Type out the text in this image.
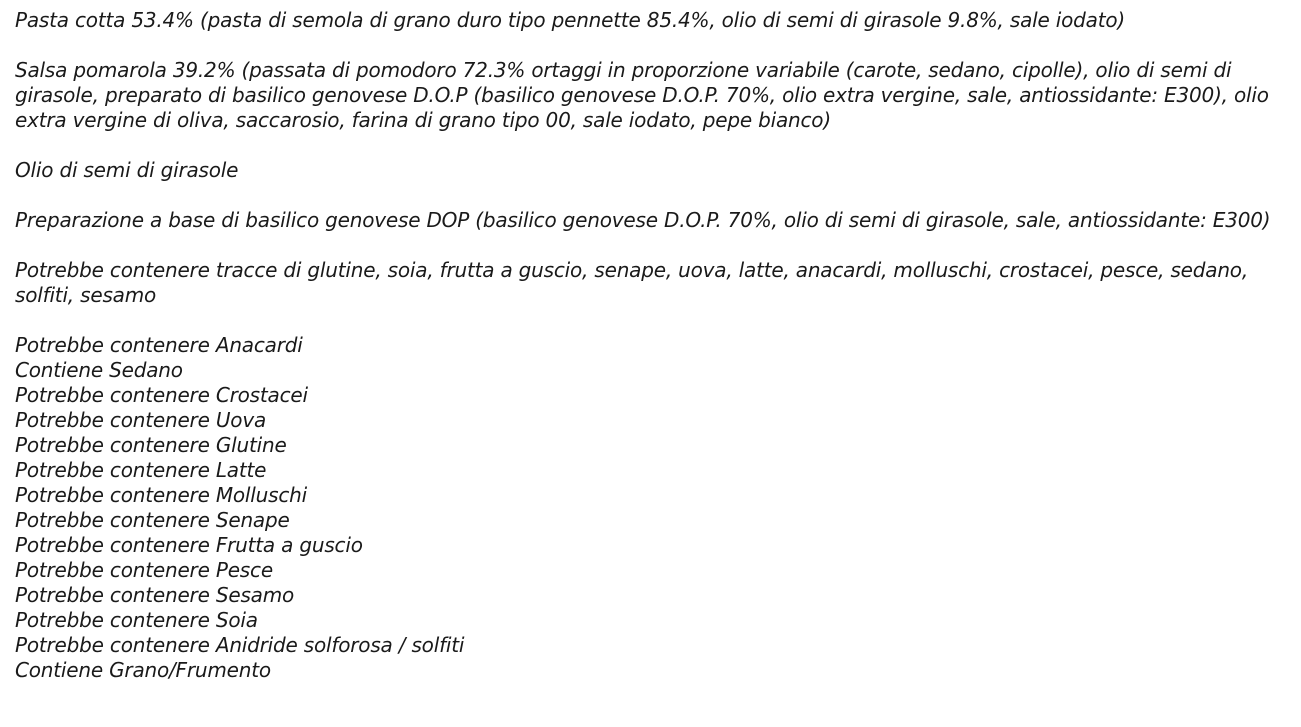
Pasta cotta 53.4% (pasta di semola di grano duro tipo pennette 85.4%, olio di semi di girasole 9.8%, sale iodato)

Salsa pomarola 39.2% (passata di pomodoro 72.3% ortaggi in proporzione variabile (carote, sedano, cipolle), olio di semi di girasole, preparato di basilico genovese D.O.P (basilico genovese D.O.P. 70%, olio extra vergine, sale, antiossidante: E300), olio extra vergine di oliva, saccarosio, farina di grano tipo 00, sale iodato, pepe bianco)

Olio di semi di girasole

Preparazione a base di basilico genovese DOP (basilico genovese D.O.P. 70%, olio di semi di girasole, sale, antiossidante: E300)

Potrebbe contenere tracce di glutine, soia, frutta a guscio, senape, uova, latte, anacardi, molluschi, crostacei, pesce, sedano, solfiti, sesamo

Potrebbe contenere Anacardi
Contiene Sedano
Potrebbe contenere Crostacei
Potrebbe contenere Uova
Potrebbe contenere Glutine
Potrebbe contenere Latte
Potrebbe contenere Molluschi
Potrebbe contenere Senape
Potrebbe contenere Frutta a guscio
Potrebbe contenere Pesce
Potrebbe contenere Sesamo
Potrebbe contenere Soia
Potrebbe contenere Anidride solforosa / solfiti
Contiene Grano/Frumento
